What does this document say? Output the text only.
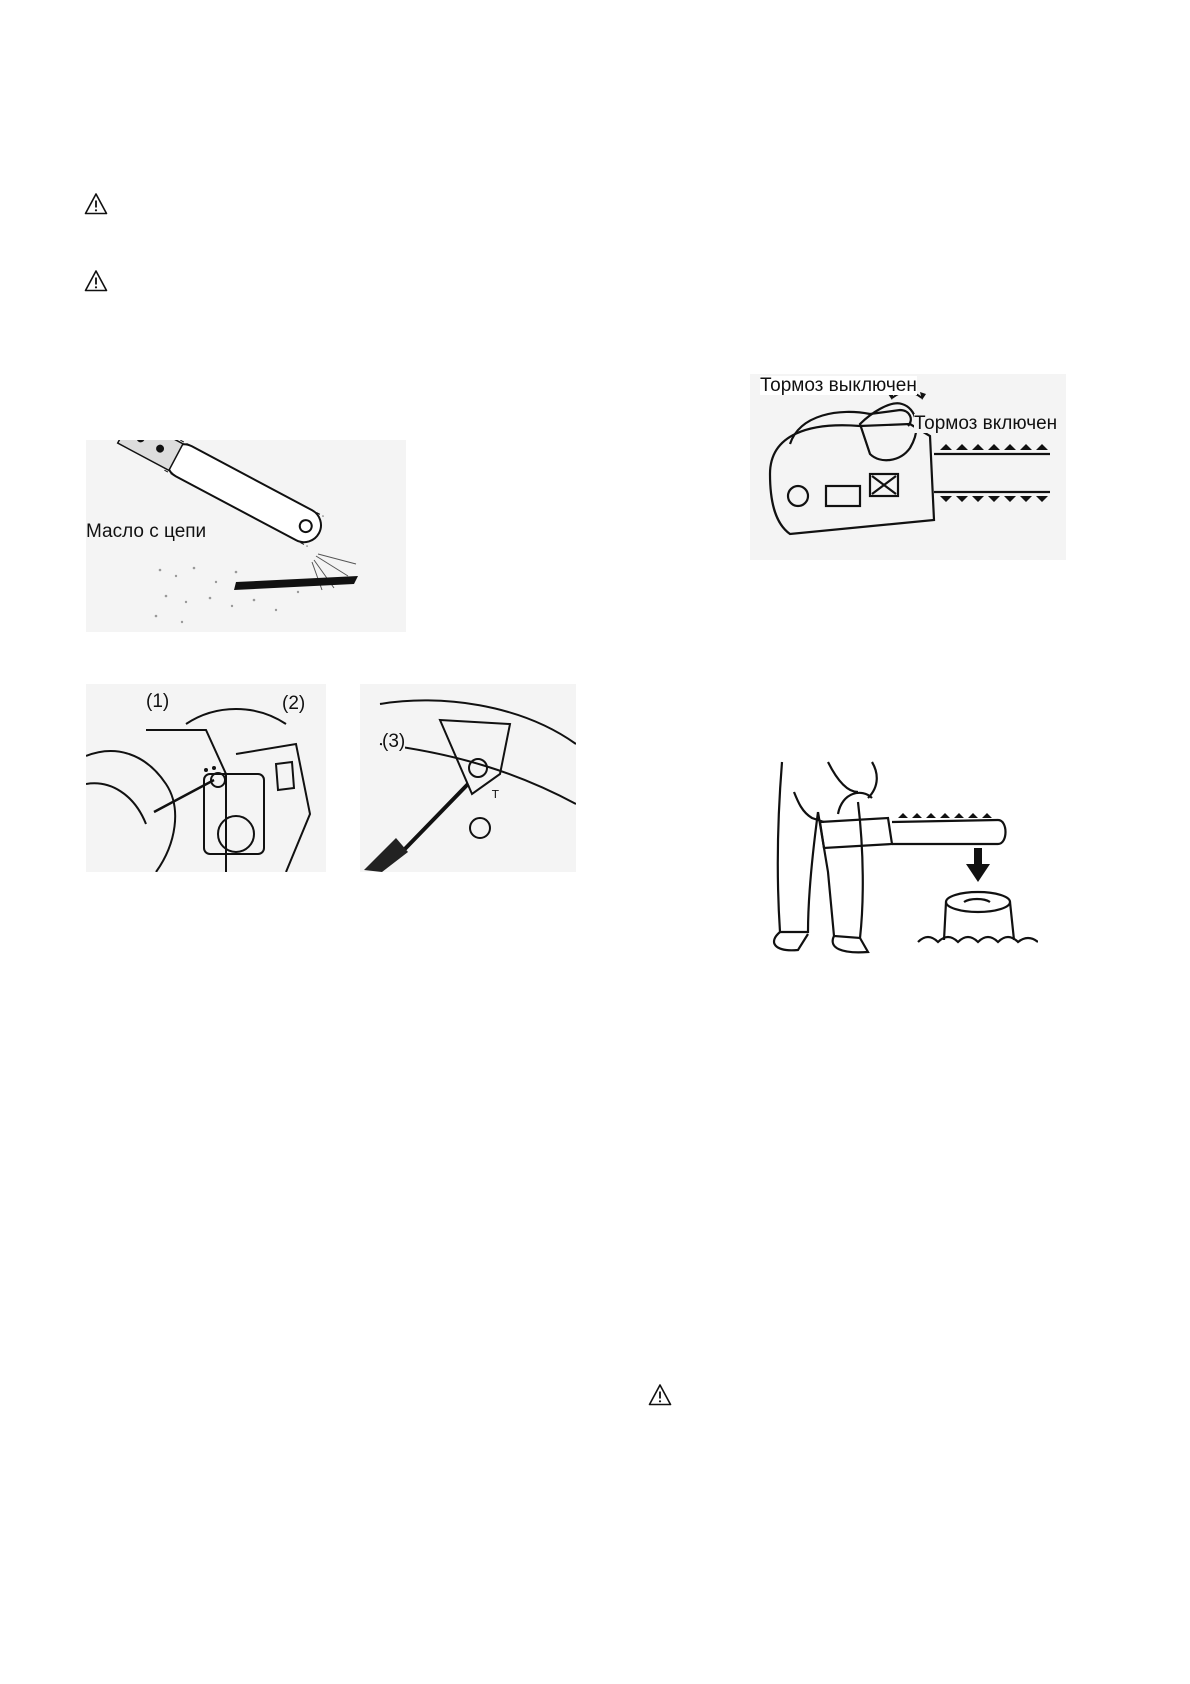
Масло с цепи
(1)	(2)
T
(3)
Тормоз выключен
Тормоз включен
